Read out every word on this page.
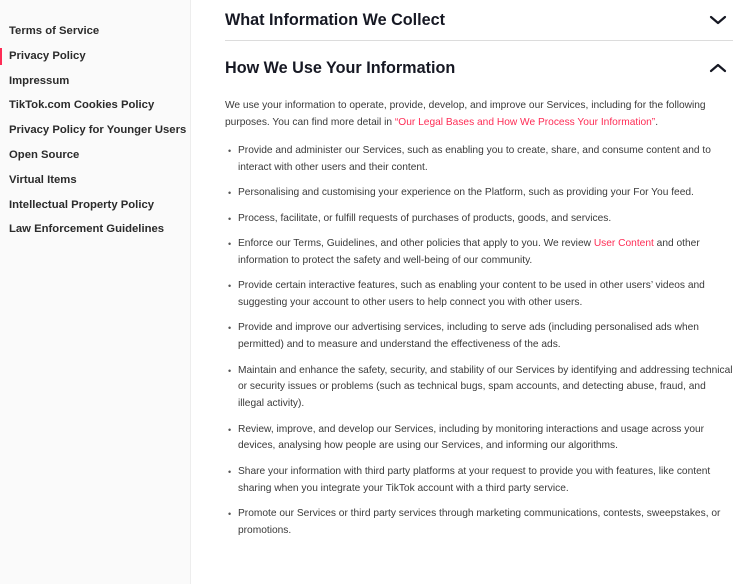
Terms of Service
Privacy Policy
Impressum
TikTok.com Cookies Policy
Privacy Policy for Younger Users
Open Source
Virtual Items
Intellectual Property Policy
Law Enforcement Guidelines
What Information We Collect
How We Use Your Information

We use your information to operate, provide, develop, and improve our Services, including for the following purposes. You can find more detail in “Our Legal Bases and How We Process Your Information”.

• Provide and administer our Services, such as enabling you to create, share, and consume content and to interact with other users and their content.
• Personalising and customising your experience on the Platform, such as providing your For You feed.
• Process, facilitate, or fulfill requests of purchases of products, goods, and services.
• Enforce our Terms, Guidelines, and other policies that apply to you. We review User Content and other information to protect the safety and well-being of our community.
• Provide certain interactive features, such as enabling your content to be used in other users’ videos and suggesting your account to other users to help connect you with other users.
• Provide and improve our advertising services, including to serve ads (including personalised ads when permitted) and to measure and understand the effectiveness of the ads.
• Maintain and enhance the safety, security, and stability of our Services by identifying and addressing technical or security issues or problems (such as technical bugs, spam accounts, and detecting abuse, fraud, and illegal activity).
• Review, improve, and develop our Services, including by monitoring interactions and usage across your devices, analysing how people are using our Services, and informing our algorithms.
• Share your information with third party platforms at your request to provide you with features, like content sharing when you integrate your TikTok account with a third party service.
• Promote our Services or third party services through marketing communications, contests, sweepstakes, or promotions.
